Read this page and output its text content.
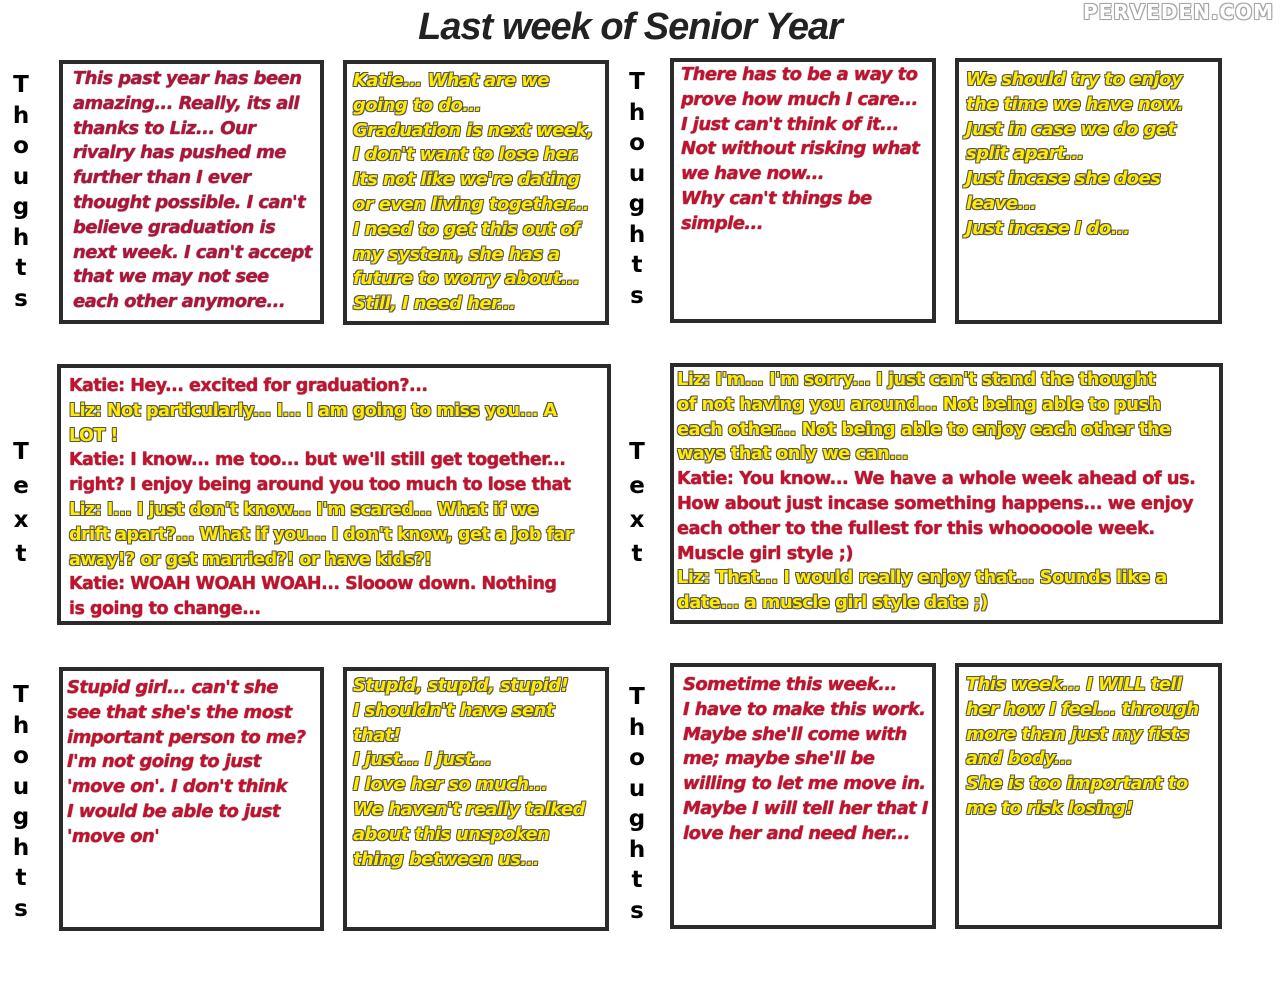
Last week of Senior Year	PERVEDEN.COM
T
h
o
u
g
h
t
s
T
h
o
u
g
h
t
s
T
e
x
t
T
e
x
t
T
h
o
u
g
h
t
s
T
h
o
u
g
h
t
s
This past year has been
amazing... Really, its all
thanks to Liz... Our
rivalry has pushed me
further than I ever
thought possible. I can't
believe graduation is
next week. I can't accept
that we may not see
each other anymore...
Katie... What are we
going to do...
Graduation is next week,
I don't want to lose her.
Its not like we're dating
or even living together...
I need to get this out of
my system, she has a
future to worry about...
Still, I need her...
There has to be a way to
prove how much I care...
I just can't think of it...
Not without risking what
we have now...
Why can't things be
simple...
We should try to enjoy
the time we have now.
Just in case we do get
split apart...
Just incase she does
leave...
Just incase I do...
Katie: Hey... excited for graduation?...
Liz: Not particularly... I... I am going to miss you... A
LOT !
Katie: I know... me too... but we'll still get together...
right? I enjoy being around you too much to lose that
Liz: I... I just don't know... I'm scared... What if we
drift apart?... What if you... I don't know, get a job far
away!? or get married?! or have kids?!
Katie: WOAH WOAH WOAH... Slooow down. Nothing
is going to change...
Liz: I'm... I'm sorry... I just can't stand the thought
of not having you around... Not being able to push
each other... Not being able to enjoy each other the
ways that only we can...
Katie: You know... We have a whole week ahead of us.
How about just incase something happens... we enjoy
each other to the fullest for this whooooole week.
Muscle girl style ;)
Liz: That... I would really enjoy that... Sounds like a
date... a muscle girl style date ;)
Stupid girl... can't she
see that she's the most
important person to me?
I'm not going to just
'move on'. I don't think
I would be able to just
'move on'
Stupid, stupid, stupid!
I shouldn't have sent
that!
I just... I just...
I love her so much...
We haven't really talked
about this unspoken
thing between us...
Sometime this week...
I have to make this work.
Maybe she'll come with
me; maybe she'll be
willing to let me move in.
Maybe I will tell her that I
love her and need her...
This week... I WILL tell
her how I feel... through
more than just my fists
and body...
She is too important to
me to risk losing!
